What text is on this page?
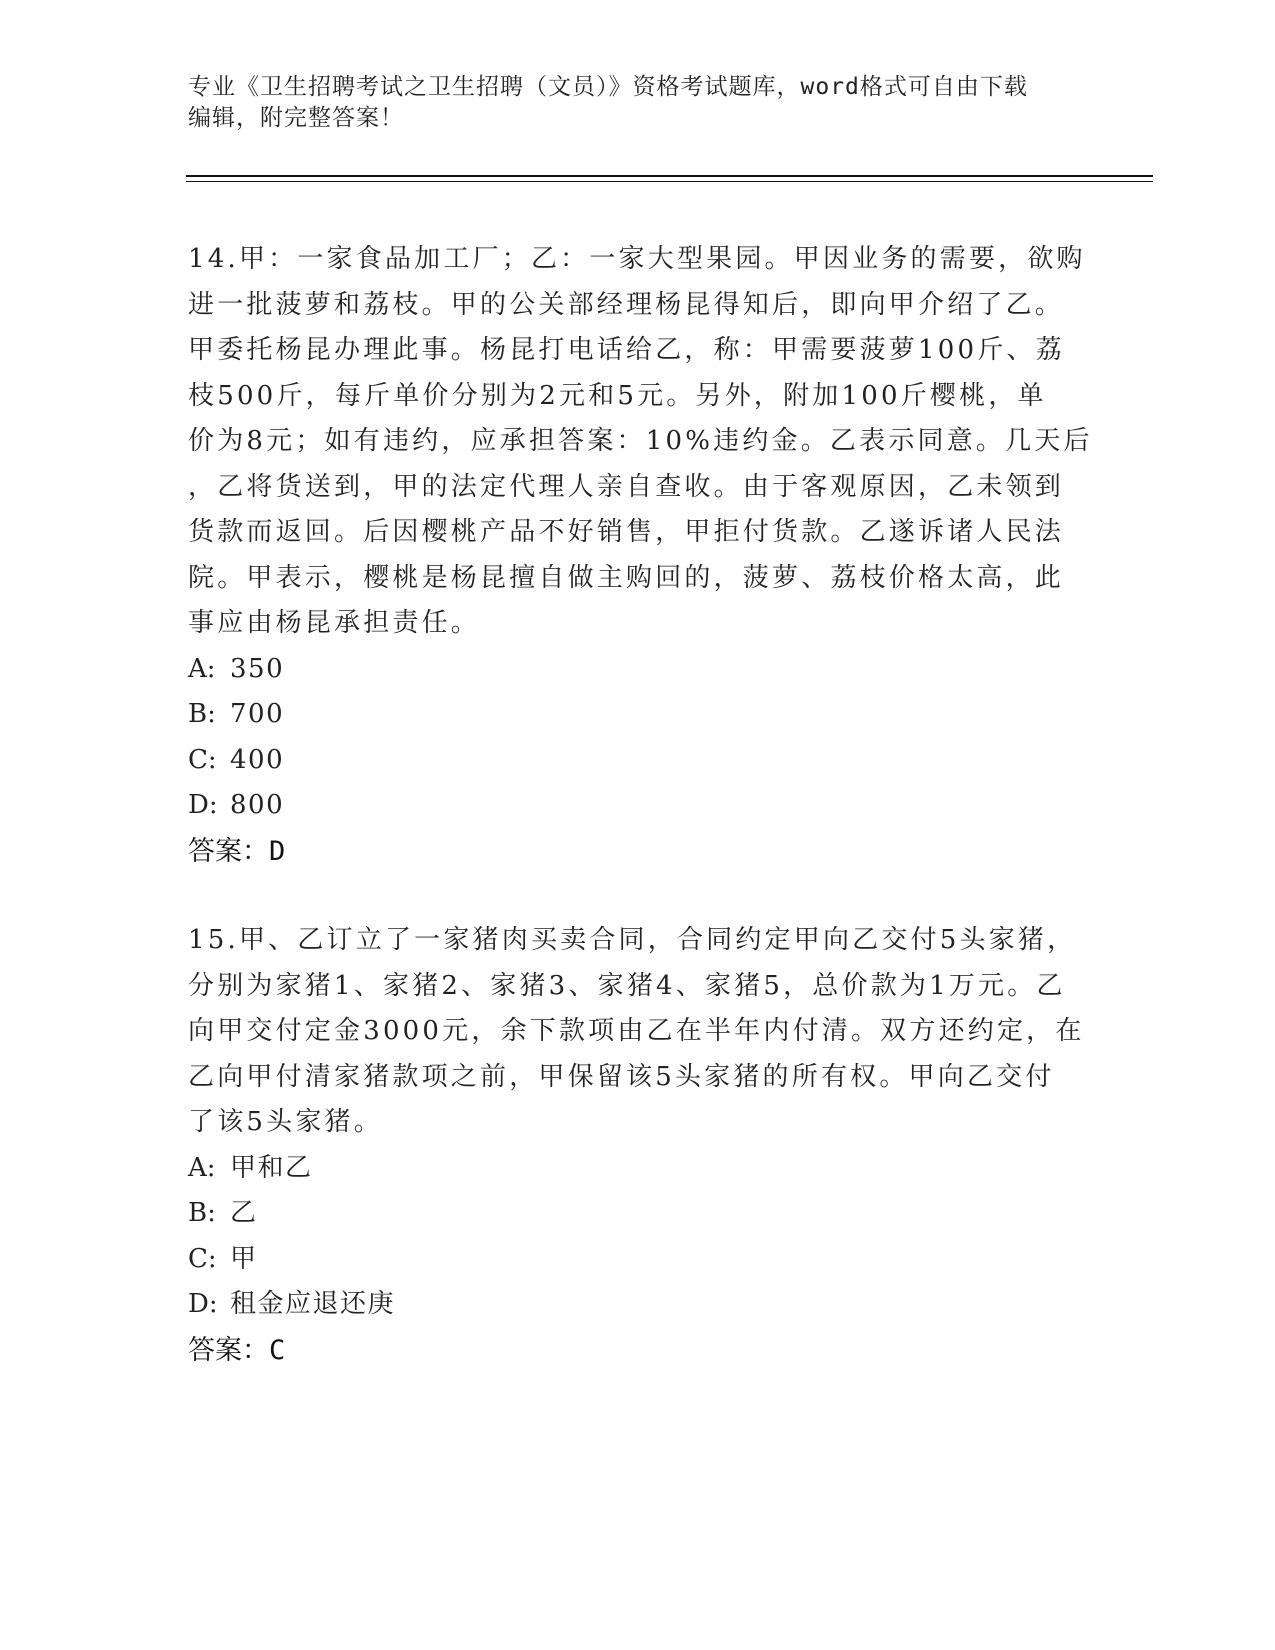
专业《卫生招聘考试之卫生招聘（文员）》资格考试题库，word格式可自由下载
编辑，附完整答案！
14.甲：一家食品加工厂；乙：一家大型果园。甲因业务的需要，欲购
进一批菠萝和荔枝。甲的公关部经理杨昆得知后，即向甲介绍了乙。
甲委托杨昆办理此事。杨昆打电话给乙，称：甲需要菠萝100斤、荔
枝500斤，每斤单价分别为2元和5元。另外，附加100斤樱桃，单
价为8元；如有违约，应承担答案：10%违约金。乙表示同意。几天后
，乙将货送到，甲的法定代理人亲自查收。由于客观原因，乙未领到
货款而返回。后因樱桃产品不好销售，甲拒付货款。乙遂诉诸人民法
院。甲表示，樱桃是杨昆擅自做主购回的，菠萝、荔枝价格太高，此
事应由杨昆承担责任。
A: 350
B: 700
C: 400
D: 800
答案：D
15.甲、乙订立了一家猪肉买卖合同，合同约定甲向乙交付5头家猪，
分别为家猪1、家猪2、家猪3、家猪4、家猪5，总价款为1万元。乙
向甲交付定金3000元，余下款项由乙在半年内付清。双方还约定，在
乙向甲付清家猪款项之前，甲保留该5头家猪的所有权。甲向乙交付
了该5头家猪。
A: 甲和乙
B: 乙
C: 甲
D: 租金应退还庚
答案：C
